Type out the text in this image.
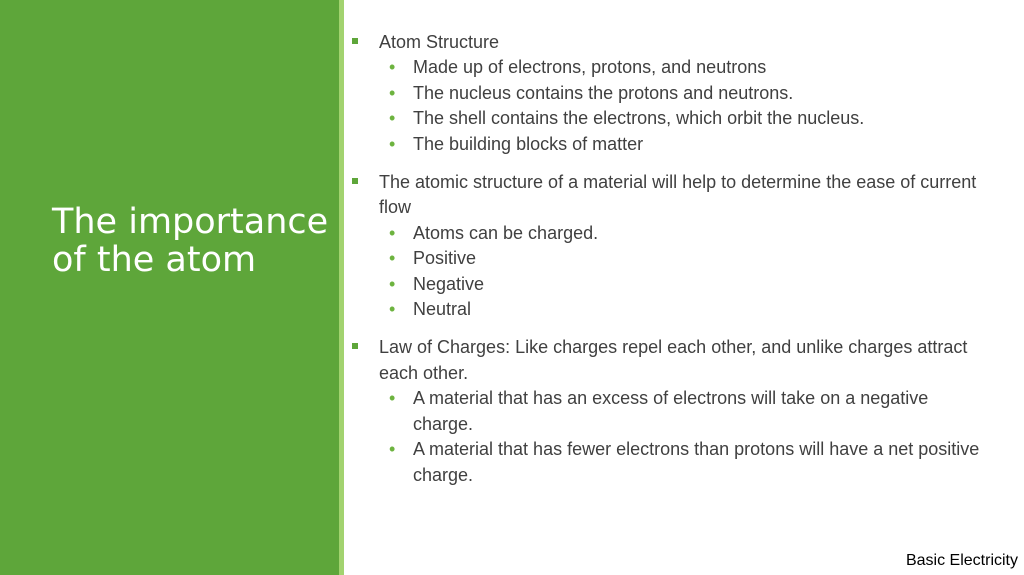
The importance of the atom
Atom Structure
• Made up of electrons, protons, and neutrons
• The nucleus contains the protons and neutrons.
• The shell contains the electrons, which orbit the nucleus.
• The building blocks of matter
The atomic structure of a material will help to determine the ease of current flow
• Atoms can be charged.
• Positive
• Negative
• Neutral
Law of Charges: Like charges repel each other, and unlike charges attract each other.
• A material that has an excess of electrons will take on a negative charge.
• A material that has fewer electrons than protons will have a net positive charge.
Basic Electricity
